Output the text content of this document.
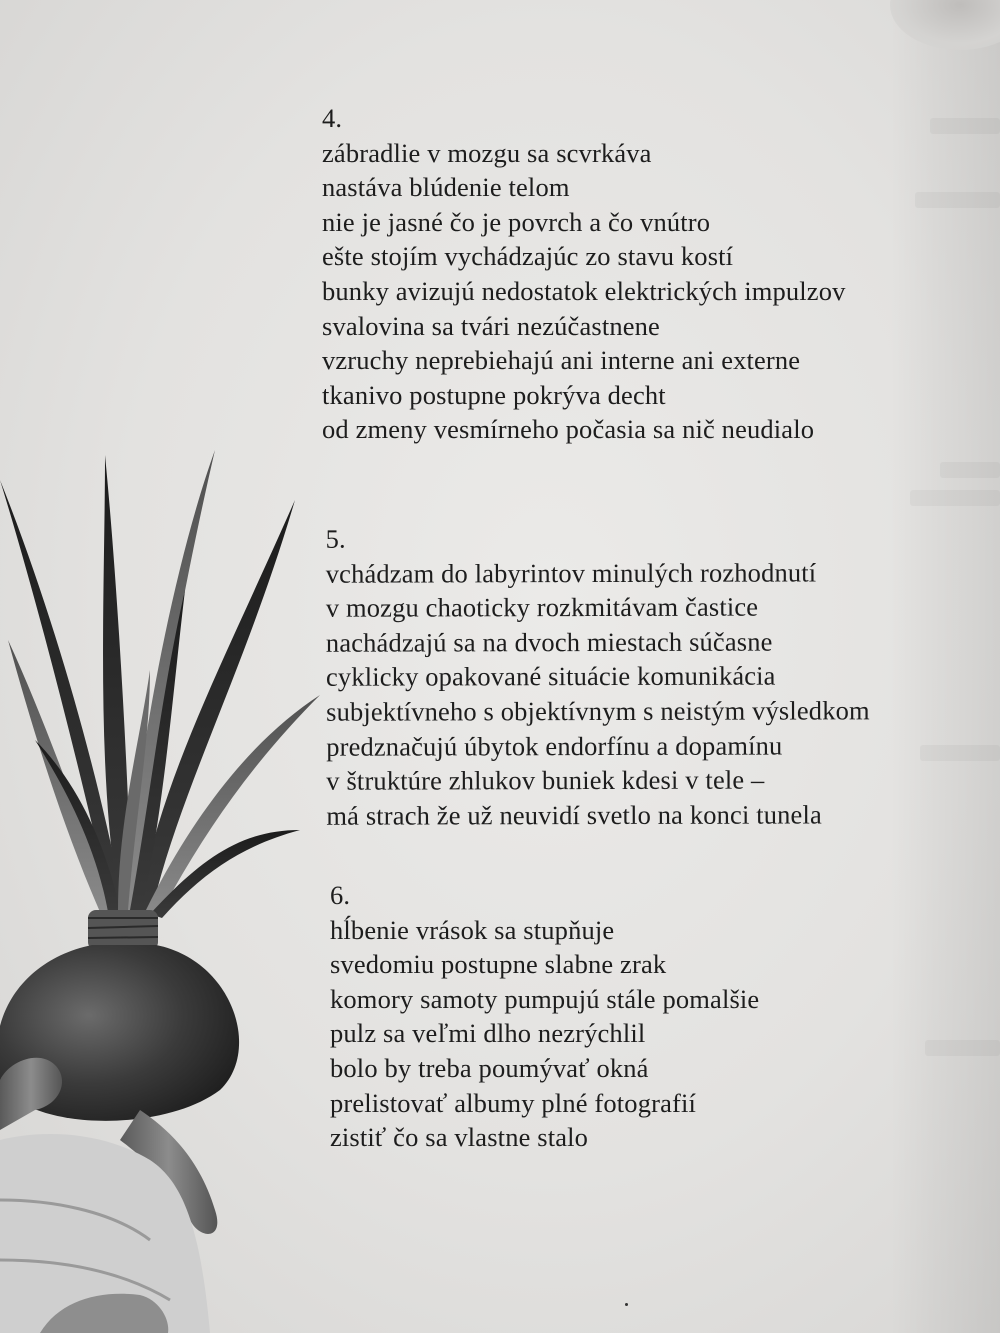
4.
zábradlie v mozgu sa scvrkáva
nastáva blúdenie telom
nie je jasné čo je povrch a čo vnútro
ešte stojím vychádzajúc zo stavu kostí
bunky avizujú nedostatok elektrických impulzov
svalovina sa tvári nezúčastnene
vzruchy neprebiehajú ani interne ani externe
tkanivo postupne pokrýva decht
od zmeny vesmírneho počasia sa nič neudialo
5.
vchádzam do labyrintov minulých rozhodnutí
v mozgu chaoticky rozkmitávam častice
nachádzajú sa na dvoch miestach súčasne
cyklicky opakované situácie komunikácia
subjektívneho s objektívnym s neistým výsledkom
predznačujú úbytok endorfínu a dopamínu
v štruktúre zhlukov buniek kdesi v tele –
má strach že už neuvidí svetlo na konci tunela
6.
hĺbenie vrások sa stupňuje
svedomiu postupne slabne zrak
komory samoty pumpujú stále pomalšie
pulz sa veľmi dlho nezrýchlil
bolo by treba poumývať okná
prelistovať albumy plné fotografií
zistiť čo sa vlastne stalo
